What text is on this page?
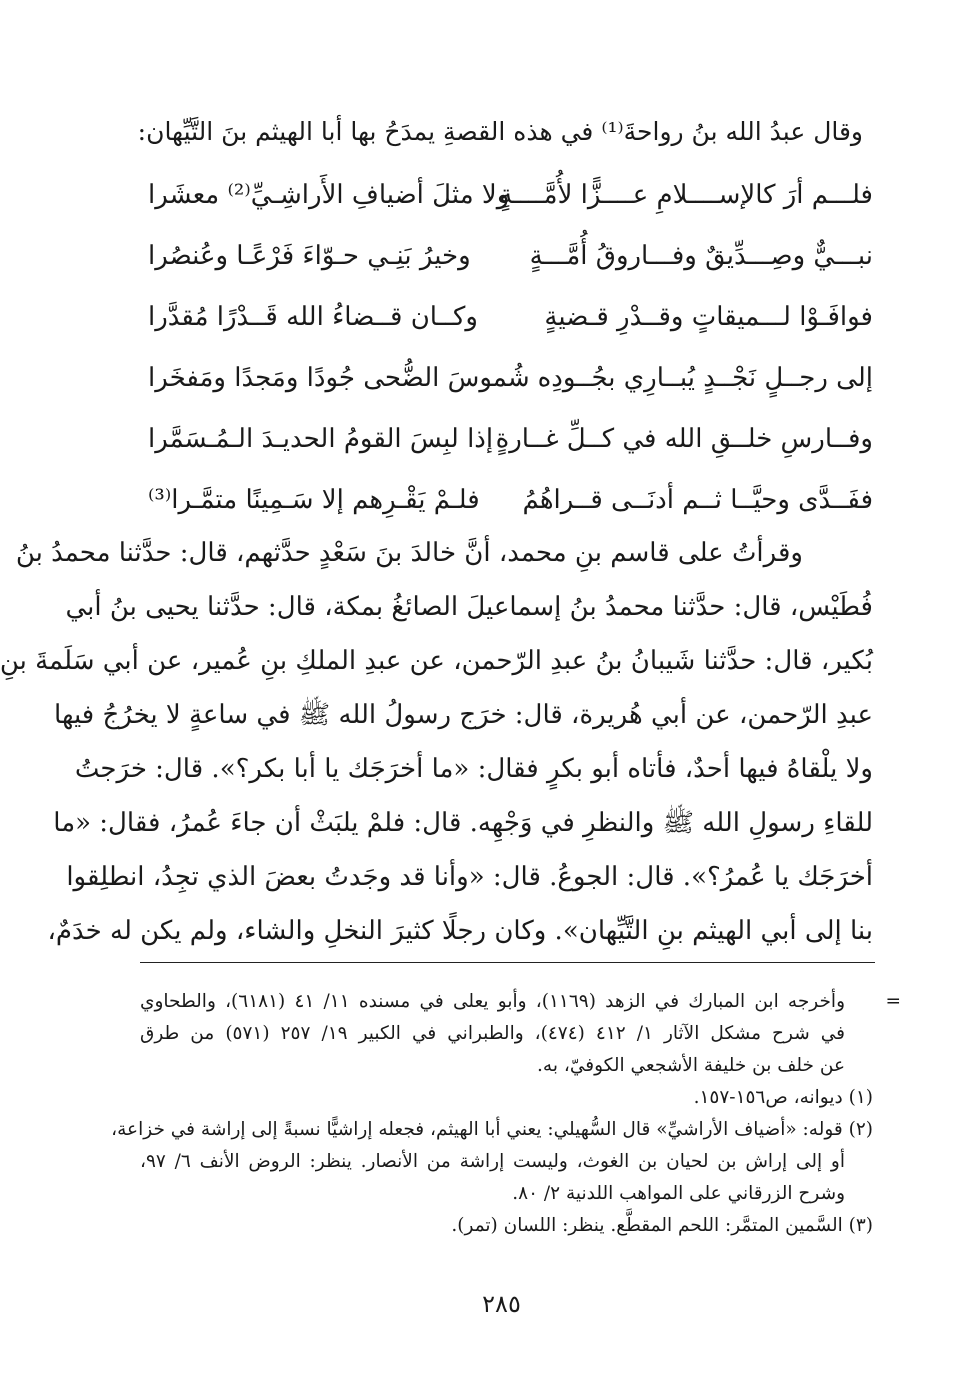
وقال عبدُ الله بنُ رواحةَ⁽¹⁾ في هذه القصةِ يمدَحُ بها أبا الهيثم بنَ التَّيِّهان:
فلـــم أرَ كالإســــلامِ عــــزًّا لأُمَّــــةٍ
ولا مثلَ أضيافِ الأَراشِـيِّ⁽²⁾ معشَرا
نبـــيٌّ وصِـــدِّيقٌ وفـــاروقُ أُمَّـــةٍ
وخيرُ بَنِـي حـوّاءَ فَرْعًـا وعُنصُرا
فوافَـوْا لـــميقاتٍ وقــدْرِ قـضيةٍ
وكــان قــضاءُ الله قَــدْرًا مُقدَّرا
إلى رجــلٍ نَجْــدٍ يُبــارِي بجُــودِه
شُموسَ الضُّحى جُودًا ومَجدًا ومَفخَرا
وفــارسِ خلــقِ الله في كــلِّ غــارةٍ
إذا لبِسَ القومُ الحديـدَ الـمُـسَمَّرا
ففَــدَّى وحيَّــا ثــم أدنَــى قــراهُمُ
فلـمْ يَقْـرِهم إلا سَـمِينًا متمَّـرا⁽³⁾
وقرأتُ على قاسم بنِ محمد، أنَّ خالدَ بنَ سَعْدٍ حدَّثهم، قال: حدَّثنا محمدُ بنُ
فُطَيْس، قال: حدَّثنا محمدُ بنُ إسماعيلَ الصائغُ بمكة، قال: حدَّثنا يحيى بنُ أبي
بُكير، قال: حدَّثنا شَيبانُ بنُ عبدِ الرّحمن، عن عبدِ الملكِ بنِ عُمير، عن أبي سَلَمةَ بنِ
عبدِ الرّحمن، عن أبي هُريرة، قال: خرَج رسولُ الله ﷺ في ساعةٍ لا يخرُجُ فيها
ولا يلْقاهُ فيها أحدٌ، فأتاه أبو بكرٍ فقال: «ما أخرَجَك يا أبا بكر؟». قال: خرَجتُ
للقاءِ رسولِ الله ﷺ والنظرِ في وَجْهِه. قال: فلمْ يلبَثْ أن جاءَ عُمرُ، فقال: «ما
أخرَجَك يا عُمرُ؟». قال: الجوعُ. قال: «وأنا قد وجَدتُ بعضَ الذي تجِدُ، انطلِقوا
بنا إلى أبي الهيثم بنِ التَّيِّهان». وكان رجلًا كثيرَ النخلِ والشاء، ولم يكن له خدَمٌ،
=
وأخرجه ابن المبارك في الزهد (١١٦٩)، وأبو يعلى في مسنده ١١/ ٤١ (٦١٨١)، والطحاوي
في شرح مشكل الآثار ١/ ٤١٢ (٤٧٤)، والطبراني في الكبير ١٩/ ٢٥٧ (٥٧١) من طرق
عن خلف بن خليفة الأشجعي الكوفيّ، به.
(١) ديوانه، ص١٥٦-١٥٧.
(٢) قوله: «أضياف الأراشيِّ» قال السُّهيلي: يعني أبا الهيثم، فجعله إراشيًّا نسبةً إلى إراشة في خزاعة،
أو إلى إراش بن لحيان بن الغوث، وليست إراشة من الأنصار. ينظر: الروض الأنف ٦/ ٩٧،
وشرح الزرقاني على المواهب اللدنية ٢/ ٨٠.
(٣) السَّمين المتمَّر: اللحم المقطَّع. ينظر: اللسان (تمر).
٢٨٥
